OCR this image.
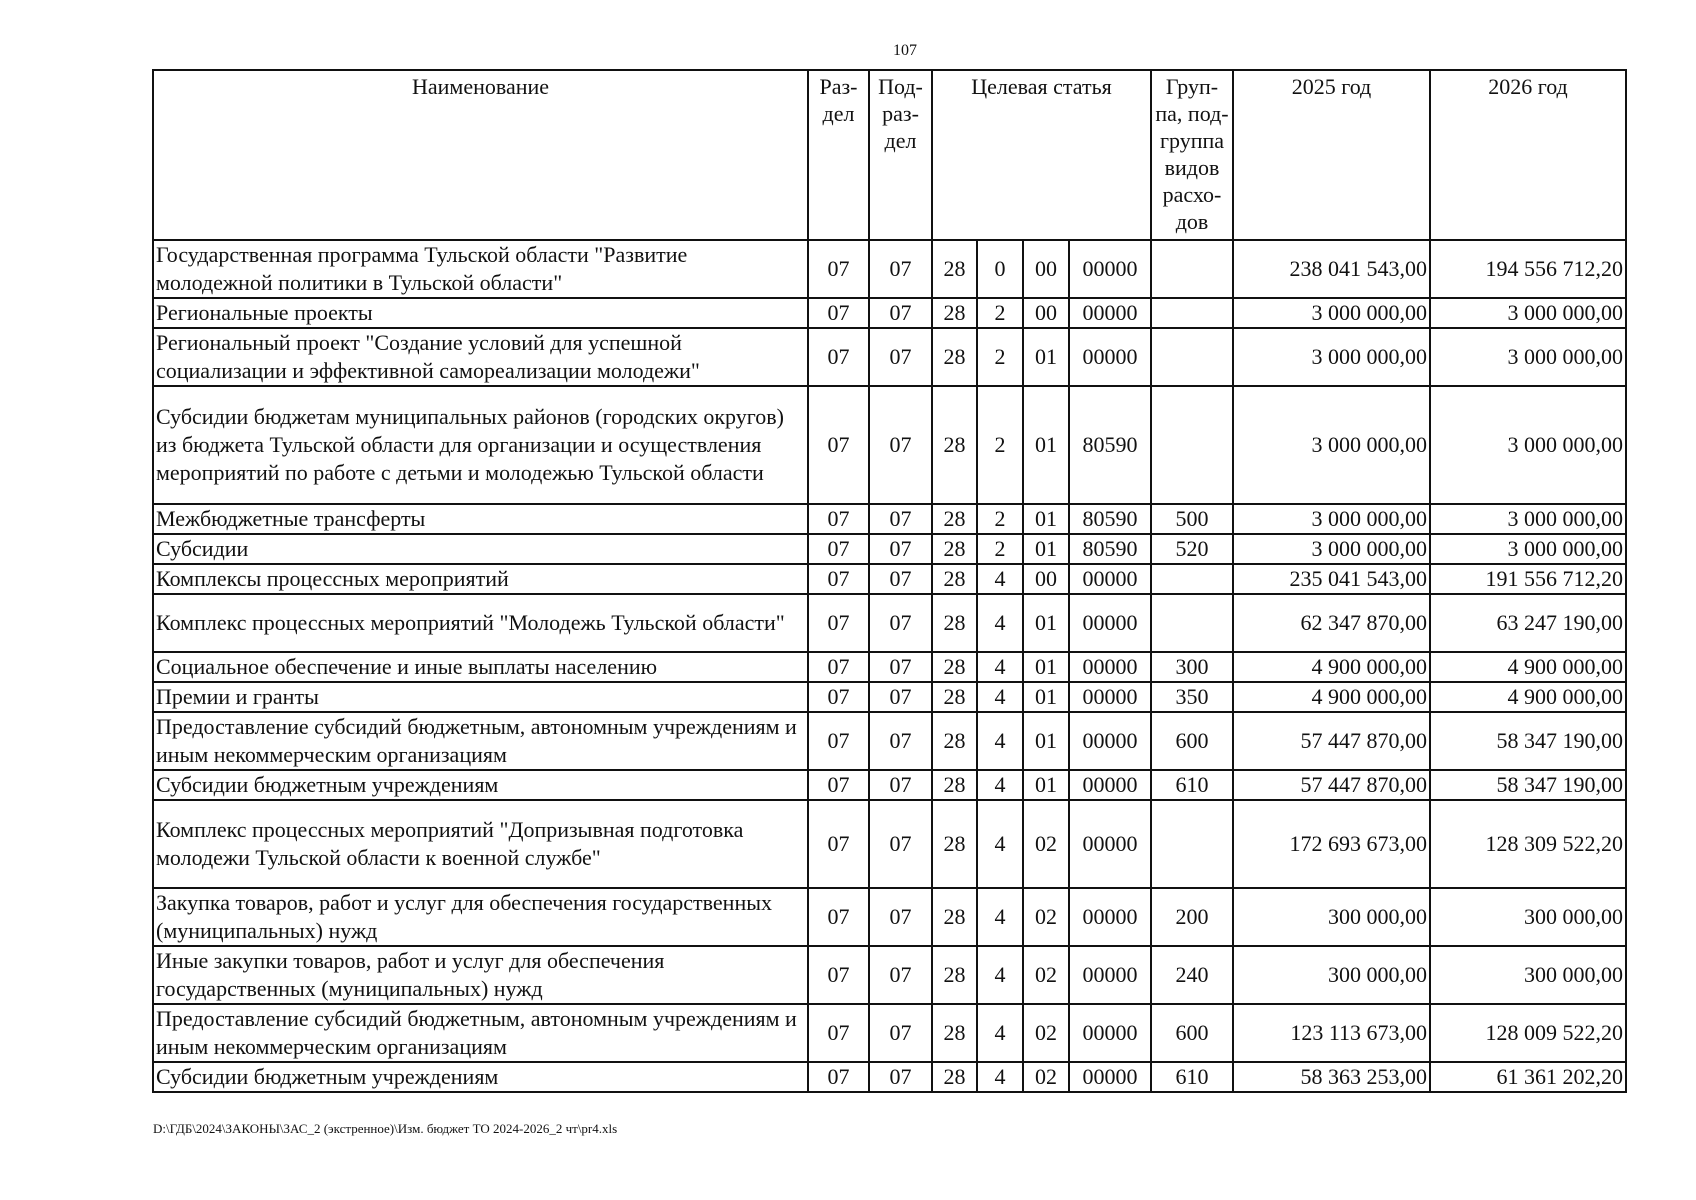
107
Наименование	Раз-дел	Под-раз-дел	Целевая статья				Груп-па, под-группа видов расхо-дов	2025 год	2026 год
Государственная программа Тульской области "Развитие молодежной политики в Тульской области"	07	07	28	0	00	00000		238 041 543,00	194 556 712,20
Региональные проекты	07	07	28	2	00	00000		3 000 000,00	3 000 000,00
Региональный проект "Создание условий для успешной социализации и эффективной самореализации молодежи"	07	07	28	2	01	00000		3 000 000,00	3 000 000,00
Субсидии бюджетам муниципальных районов (городских округов) из бюджета Тульской области для организации и осуществления мероприятий по работе с детьми и молодежью Тульской области	07	07	28	2	01	80590		3 000 000,00	3 000 000,00
Межбюджетные трансферты	07	07	28	2	01	80590	500	3 000 000,00	3 000 000,00
Субсидии	07	07	28	2	01	80590	520	3 000 000,00	3 000 000,00
Комплексы процессных мероприятий	07	07	28	4	00	00000		235 041 543,00	191 556 712,20
Комплекс процессных мероприятий "Молодежь Тульской области"	07	07	28	4	01	00000		62 347 870,00	63 247 190,00
Социальное обеспечение и иные выплаты населению	07	07	28	4	01	00000	300	4 900 000,00	4 900 000,00
Премии и гранты	07	07	28	4	01	00000	350	4 900 000,00	4 900 000,00
Предоставление субсидий бюджетным, автономным учреждениям и иным некоммерческим организациям	07	07	28	4	01	00000	600	57 447 870,00	58 347 190,00
Субсидии бюджетным учреждениям	07	07	28	4	01	00000	610	57 447 870,00	58 347 190,00
Комплекс процессных мероприятий "Допризывная подготовка молодежи Тульской области к военной службе"	07	07	28	4	02	00000		172 693 673,00	128 309 522,20
Закупка товаров, работ и услуг для обеспечения государственных (муниципальных) нужд	07	07	28	4	02	00000	200	300 000,00	300 000,00
Иные закупки товаров, работ и услуг для обеспечения государственных (муниципальных) нужд	07	07	28	4	02	00000	240	300 000,00	300 000,00
Предоставление субсидий бюджетным, автономным учреждениям и иным некоммерческим организациям	07	07	28	4	02	00000	600	123 113 673,00	128 009 522,20
Субсидии бюджетным учреждениям	07	07	28	4	02	00000	610	58 363 253,00	61 361 202,20
D:\ГДБ\2024\ЗАКОНЫ\ЗАС_2 (экстренное)\Изм. бюджет ТО 2024-2026_2 чт\pr4.xls
